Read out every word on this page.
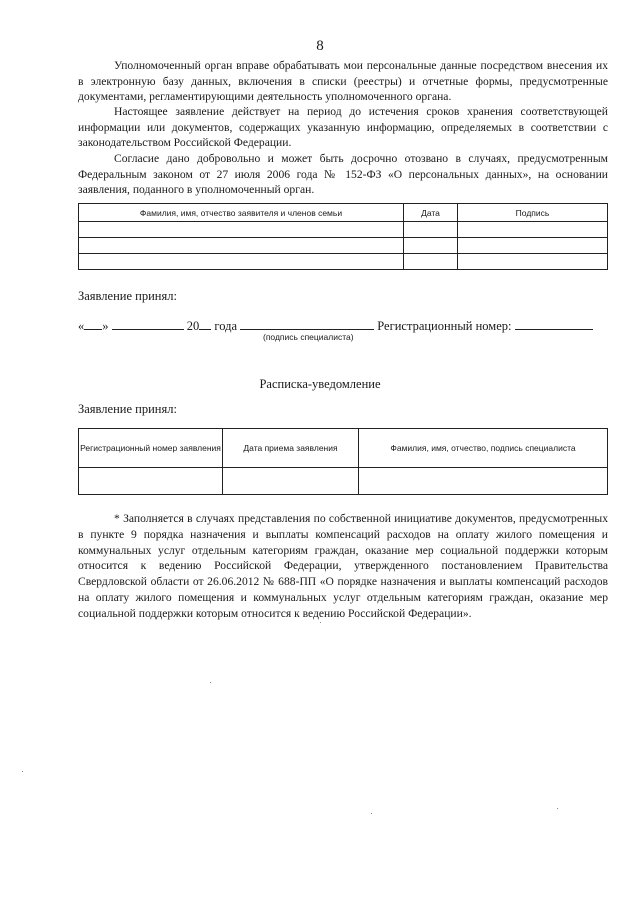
8

Уполномоченный орган вправе обрабатывать мои персональные данные посредством внесения их в электронную базу данных, включения в списки (реестры) и отчетные формы, предусмотренные документами, регламентирующими деятельность уполномоченного органа.

Настоящее заявление действует на период до истечения сроков хранения соответствующей информации или документов, содержащих указанную информацию, определяемых в соответствии с законодательством Российской Федерации.

Согласие дано добровольно и может быть досрочно отозвано в случаях, предусмотренным Федеральным законом от 27 июля 2006 года № 152-ФЗ «О персональных данных», на основании заявления, поданного в уполномоченный орган.

Фамилия, имя, отчество заявителя и членов семьи	Дата	Подпись

Заявление принял:
« »	20 года	Регистрационный номер:
(подпись специалиста)
Расписка-уведомление
Заявление принял:
Регистрационный номер заявления	Дата приема заявления	Фамилия, имя, отчество, подпись специалиста

* Заполняется в случаях представления по собственной инициативе документов, предусмотренных в пункте 9 порядка назначения и выплаты компенсаций расходов на оплату жилого помещения и коммунальных услуг отдельным категориям граждан, оказание мер социальной поддержки которым относится к ведению Российской Федерации, утвержденного постановлением Правительства Свердловской области от 26.06.2012 № 688-ПП «О порядке назначения и выплаты компенсаций расходов на оплату жилого помещения и коммунальных услуг отдельным категориям граждан, оказание мер социальной поддержки которым относится к ведению Российской Федерации».
